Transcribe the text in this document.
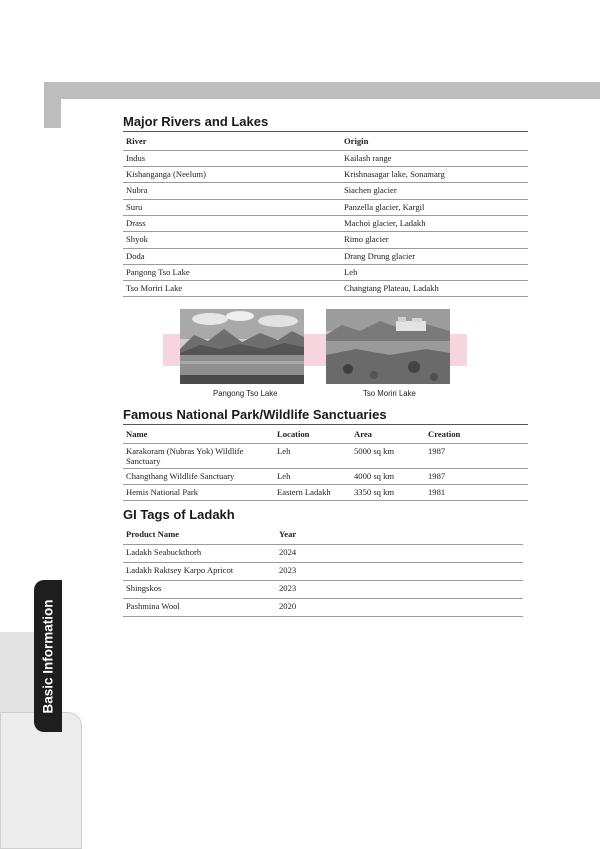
Basic Information
Major Rivers and Lakes
River	Origin
Indus	Kailash range
Kishanganga (Neelum)	Krishnasagar lake, Sonamarg
Nubra	Siachen glacier
Suru	Panzella glacier, Kargil
Drass	Machoi glacier, Ladakh
Shyok	Rimo glacier
Doda	Drang Drung glacier
Pangong Tso Lake	Leh
Tso Moriri Lake	Changtang Plateau, Ladakh
Pangong Tso Lake	Tso Moriri Lake
Famous National Park/Wildlife Sanctuaries
Name	Location	Area	Creation
Karakoram (Nubras Yok) Wildlife Sanctuary	Leh	5000 sq km	1987
Changthang Wildlife Sanctuary	Leh	4000 sq km	1987
Hemis National Park	Eastern Ladakh	3350 sq km	1981
GI Tags of Ladakh
Product Name	Year
Ladakh Seabuckthorh	2024
Ladakh Raktsey Karpo Apricot	2023
Shingskos	2023
Pashmina Wool	2020
